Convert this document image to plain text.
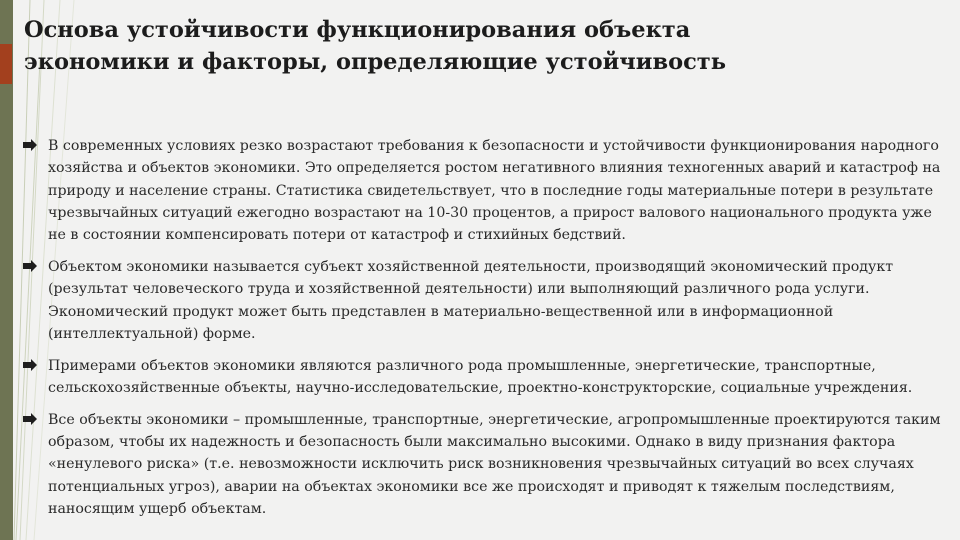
Основа устойчивости функционирования объекта
экономики и факторы, определяющие устойчивость
В современных условиях резко возрастают требования к безопасности и устойчивости функционирования народного хозяйства и объектов экономики. Это определяется ростом негативного влияния техногенных аварий и катастроф на природу и население страны. Статистика свидетельствует, что в последние годы материальные потери в результате чрезвычайных ситуаций ежегодно возрастают на 10-30 процентов, а прирост валового национального продукта уже не в состоянии компенсировать потери от катастроф и стихийных бедствий.
Объектом экономики называется субъект хозяйственной деятельности, производящий экономический продукт (результат человеческого труда и хозяйственной деятельности) или выполняющий различного рода услуги. Экономический продукт может быть представлен в материально-вещественной или в информационной (интеллектуальной) форме.
Примерами объектов экономики являются различного рода промышленные, энергетические, транспортные, сельскохозяйственные объекты, научно-исследовательские, проектно-конструкторские, социальные учреждения.
Все объекты экономики – промышленные, транспортные, энергетические, агропромышленные проектируются таким образом, чтобы их надежность и безопасность были максимально высокими. Однако в виду признания фактора «ненулевого риска» (т.е. невозможности исключить риск возникновения чрезвычайных ситуаций во всех случаях потенциальных угроз), аварии на объектах экономики все же происходят и приводят к тяжелым последствиям, наносящим ущерб объектам.
